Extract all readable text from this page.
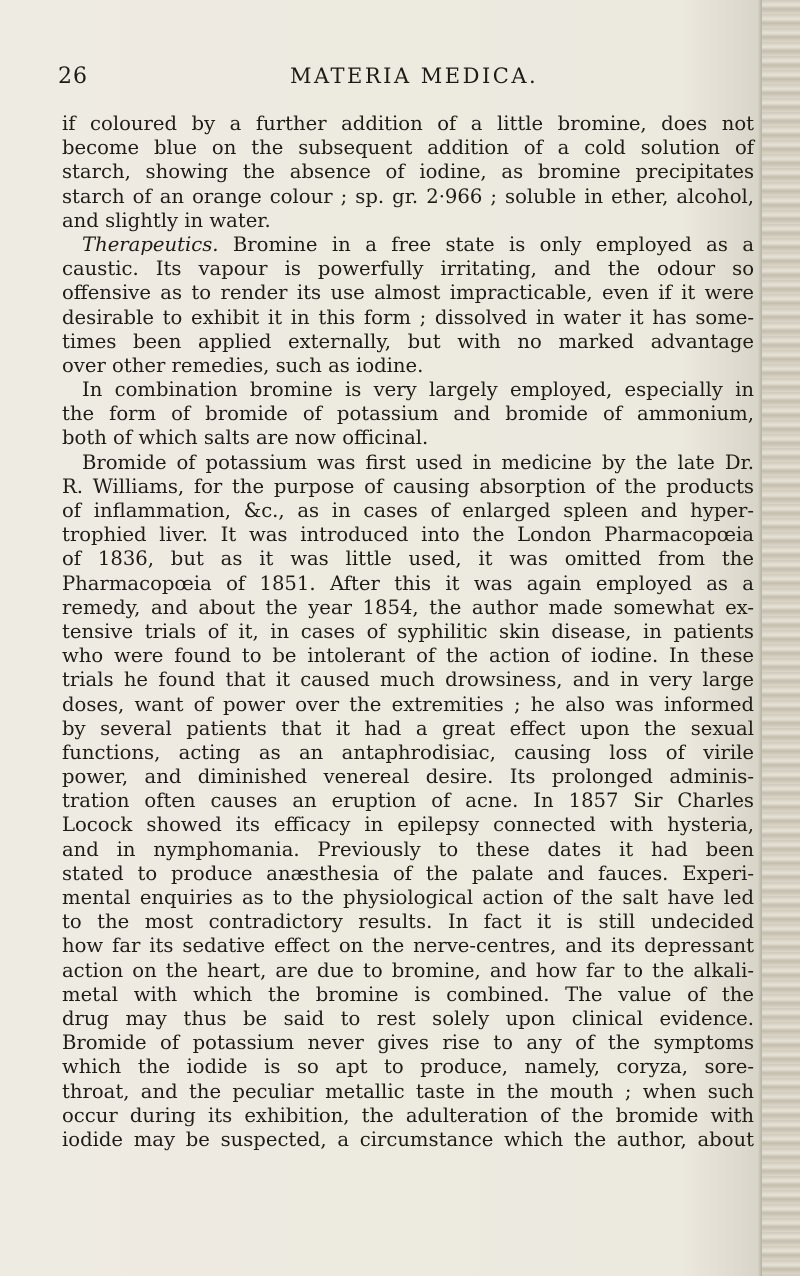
26	MATERIA MEDICA.
if coloured by a further addition of a little bromine, does not
become blue on the subsequent addition of a cold solution of
starch, showing the absence of iodine, as bromine precipitates
starch of an orange colour ; sp. gr. 2·966 ; soluble in ether, alcohol,
and slightly in water.
Therapeutics. Bromine in a free state is only employed as a
caustic. Its vapour is powerfully irritating, and the odour so
offensive as to render its use almost impracticable, even if it were
desirable to exhibit it in this form ; dissolved in water it has some-
times been applied externally, but with no marked advantage
over other remedies, such as iodine.
In combination bromine is very largely employed, especially in
the form of bromide of potassium and bromide of ammonium,
both of which salts are now officinal.
Bromide of potassium was first used in medicine by the late Dr.
R. Williams, for the purpose of causing absorption of the products
of inflammation, &c., as in cases of enlarged spleen and hyper-
trophied liver. It was introduced into the London Pharmacopœia
of 1836, but as it was little used, it was omitted from the
Pharmacopœia of 1851. After this it was again employed as a
remedy, and about the year 1854, the author made somewhat ex-
tensive trials of it, in cases of syphilitic skin disease, in patients
who were found to be intolerant of the action of iodine. In these
trials he found that it caused much drowsiness, and in very large
doses, want of power over the extremities ; he also was informed
by several patients that it had a great effect upon the sexual
functions, acting as an antaphrodisiac, causing loss of virile
power, and diminished venereal desire. Its prolonged adminis-
tration often causes an eruption of acne. In 1857 Sir Charles
Locock showed its efficacy in epilepsy connected with hysteria,
and in nymphomania. Previously to these dates it had been
stated to produce anæsthesia of the palate and fauces. Experi-
mental enquiries as to the physiological action of the salt have led
to the most contradictory results. In fact it is still undecided
how far its sedative effect on the nerve-centres, and its depressant
action on the heart, are due to bromine, and how far to the alkali-
metal with which the bromine is combined. The value of the
drug may thus be said to rest solely upon clinical evidence.
Bromide of potassium never gives rise to any of the symptoms
which the iodide is so apt to produce, namely, coryza, sore-
throat, and the peculiar metallic taste in the mouth ; when such
occur during its exhibition, the adulteration of the bromide with
iodide may be suspected, a circumstance which the author, about
